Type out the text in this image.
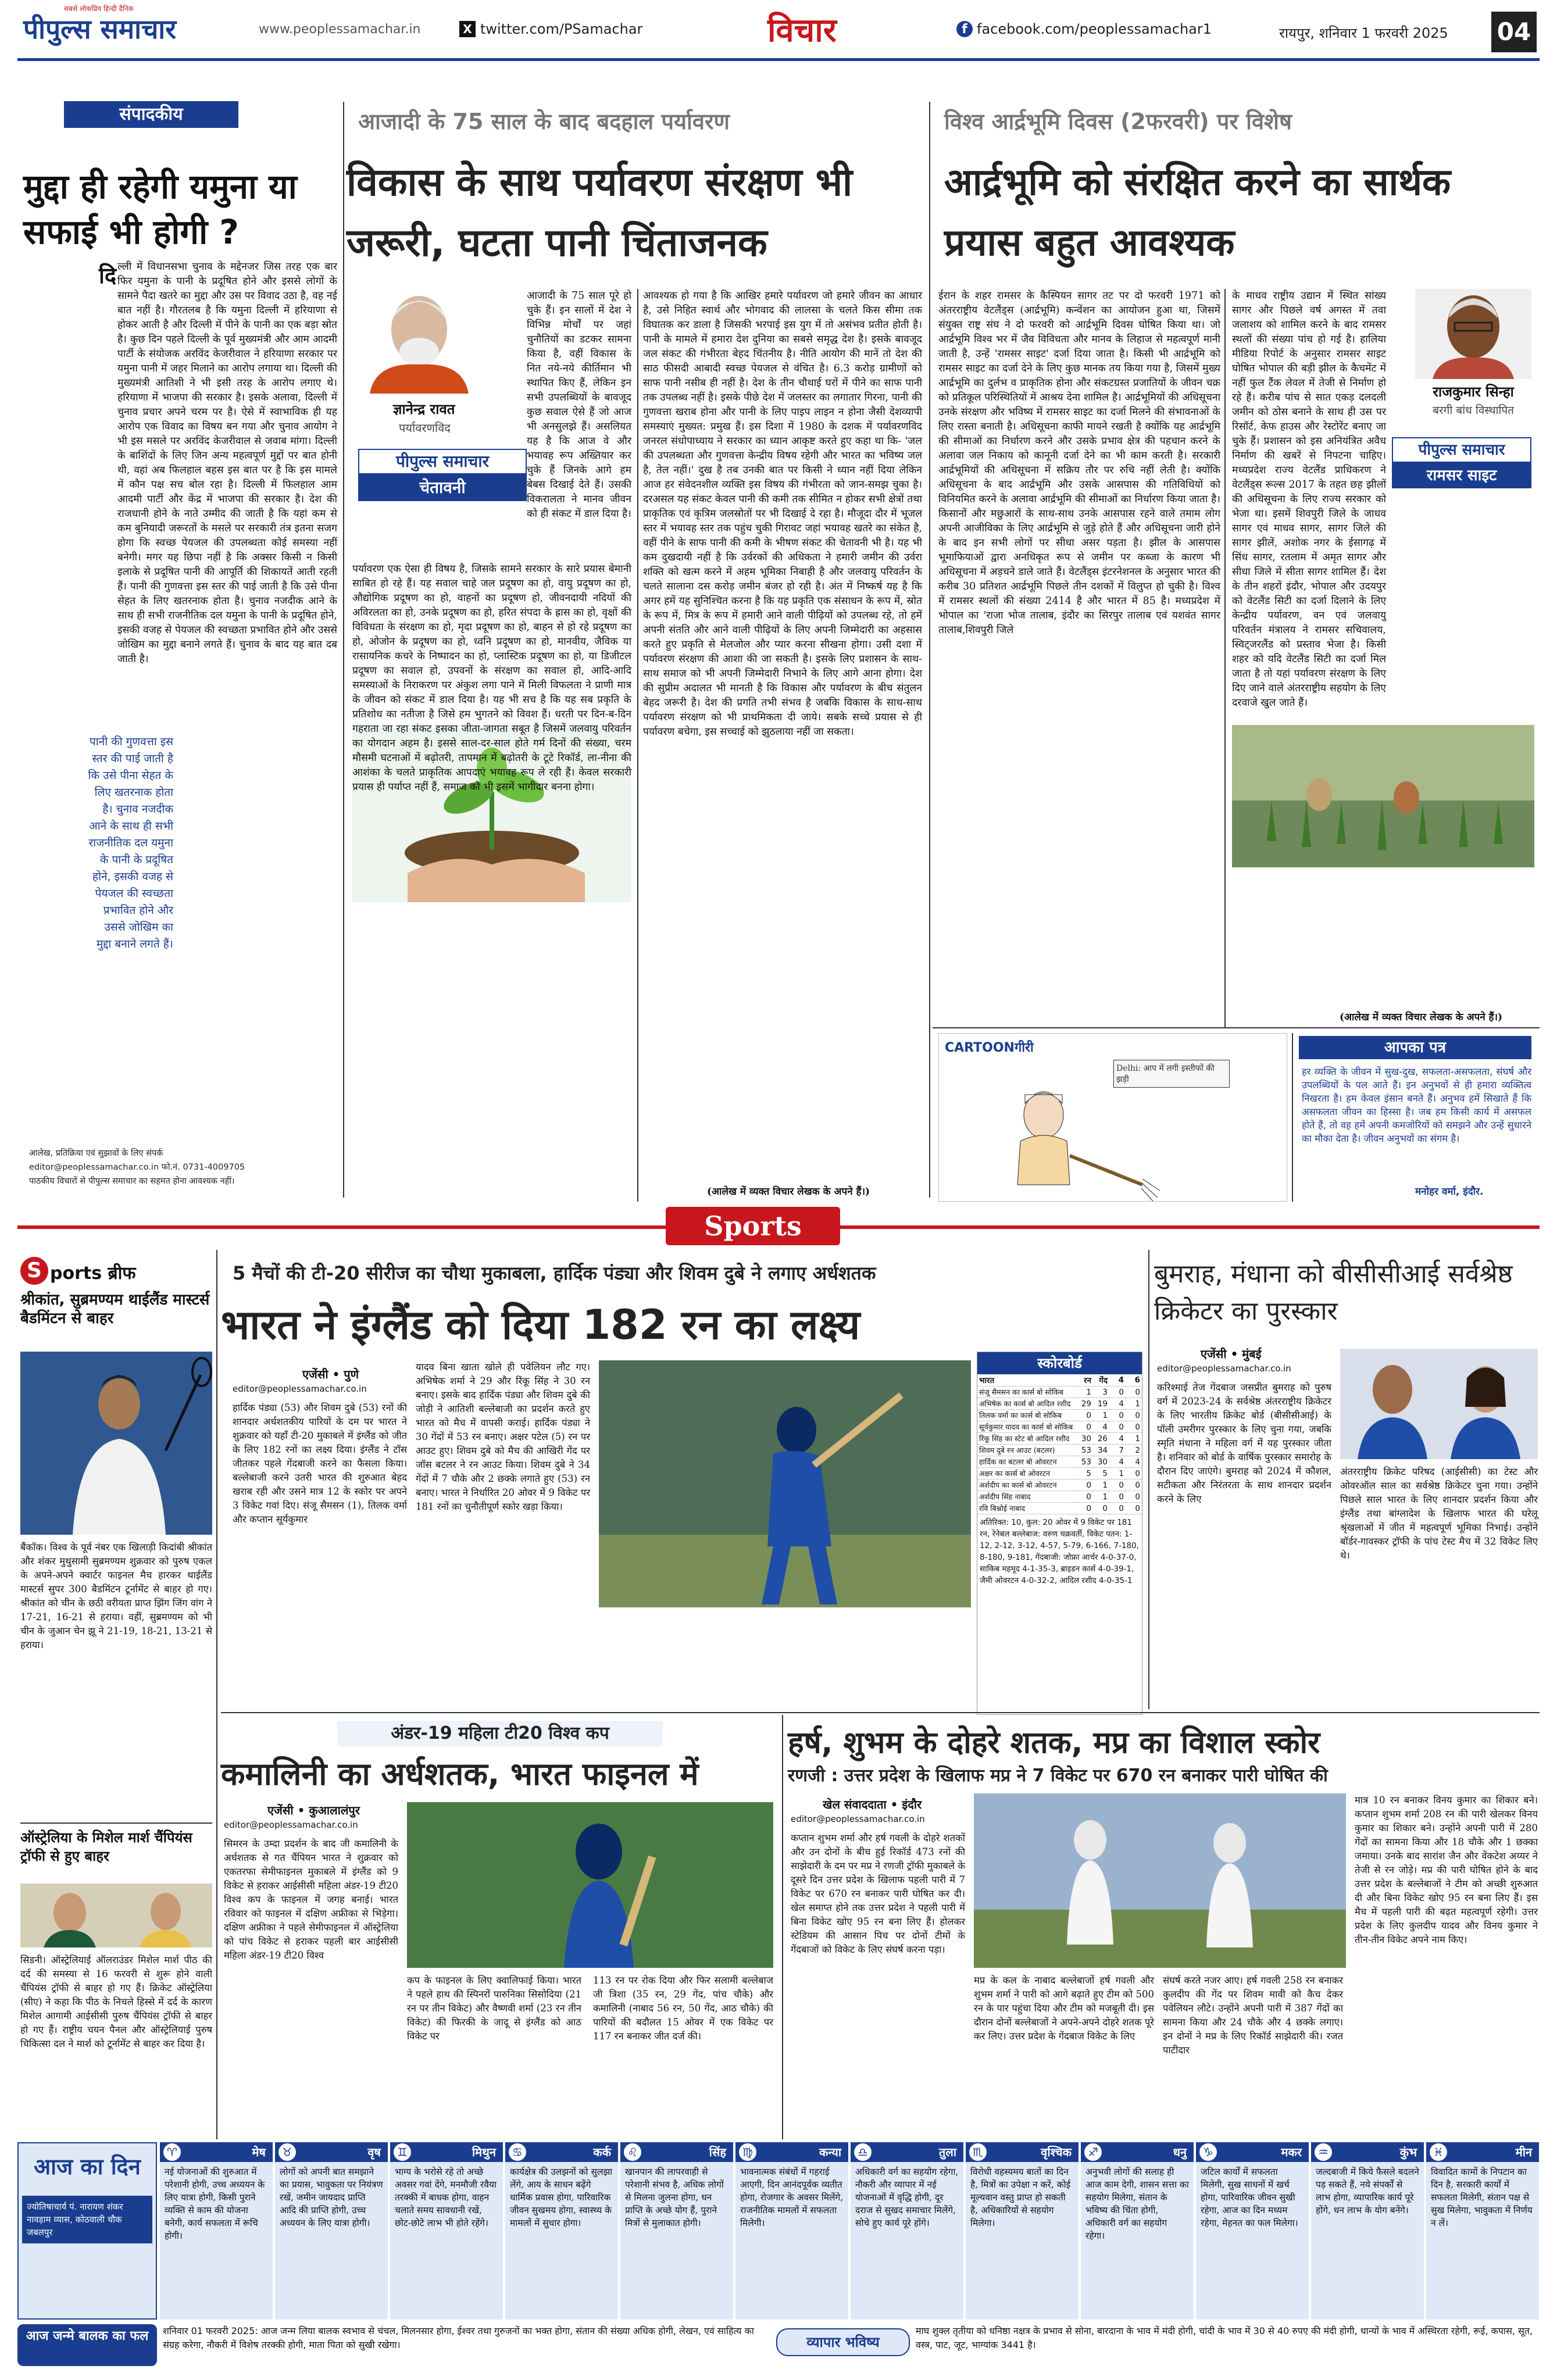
पीपुल्स समाचार
सबसे लोकप्रिय हिन्दी दैनिक
www.peoplessamachar.in	X twitter.com/PSamachar	विचार	f facebook.com/peoplessamachar1	रायपुर, शनिवार 1 फरवरी 2025 04
संपादकीय
मुद्दा ही रहेगी यमुना या सफाई भी होगी ?
दि ल्ली में विधानसभा चुनाव के मद्देनजर जिस तरह एक बार फिर यमुना के पानी के प्रदूषित होने और इससे लोगों के सामने पैदा खतरे का मुद्दा और उस पर विवाद उठा है, वह नई बात नहीं है। गौरतलब है कि यमुना दिल्ली में हरियाणा से होकर आती है और दिल्ली में पीने के पानी का एक बड़ा स्रोत है। कुछ दिन पहले दिल्ली के पूर्व मुख्यमंत्री और आम आदमी पार्टी के संयोजक अरविंद केजरीवाल ने हरियाणा सरकार पर यमुना पानी में जहर मिलाने का आरोप लगाया था। दिल्ली की मुख्यमंत्री आतिशी ने भी इसी तरह के आरोप लगाए थे। हरियाणा में भाजपा की सरकार है। इसके अलावा, दिल्ली में चुनाव प्रचार अपने चरम पर है। ऐसे में स्वाभाविक ही यह आरोप एक विवाद का विषय बन गया और चुनाव आयोग ने भी इस मसले पर अरविंद केजरीवाल से जवाब मांगा। दिल्ली के बाशिंदों के लिए जिन अन्य महत्वपूर्ण मुद्दों पर बात होनी थी, वहां अब फिलहाल बहस इस बात पर है कि इस मामले में कौन पक्ष सच बोल रहा है। दिल्ली में फिलहाल आम आदमी पार्टी और केंद्र में भाजपा की सरकार है। देश की राजधानी होने के नाते उम्मीद की जाती है कि यहां कम से कम बुनियादी जरूरतों के मसले पर सरकारी तंत्र इतना सजग होगा कि स्वच्छ पेयजल की उपलब्धता कोई समस्या नहीं बनेगी। मगर यह छिपा नहीं है कि अक्सर किसी न किसी इलाके से प्रदूषित पानी की आपूर्ति की शिकायतें आती रहती हैं। पानी की गुणवत्ता इस स्तर की पाई जाती है कि उसे पीना सेहत के लिए खतरनाक होता है। चुनाव नजदीक आने के साथ ही सभी राजनीतिक दल यमुना के पानी के प्रदूषित होने, इसकी वजह से पेयजल की स्वच्छता प्रभावित होने और उससे जोखिम का मुद्दा बनाने लगते हैं। चुनाव के बाद यह बात दब जाती है।
पानी की गुणवत्ता इस स्तर की पाई जाती है कि उसे पीना सेहत के लिए खतरनाक होता है। चुनाव नजदीक आने के साथ ही सभी राजनीतिक दल यमुना के पानी के प्रदूषित होने, इसकी वजह से पेयजल की स्वच्छता प्रभावित होने और उससे जोखिम का मुद्दा बनाने लगते हैं।
आलेख, प्रतिक्रिया एवं सुझावों के लिए संपर्क
editor@peoplessamachar.co.in फो.नं. 0731-4009705
पाठकीय विचारों से पीपुल्स समाचार का सहमत होना आवश्यक नहीं।
आजादी के 75 साल के बाद बदहाल पर्यावरण
विकास के साथ पर्यावरण संरक्षण भी जरूरी, घटता पानी चिंताजनक
ज्ञानेन्द्र रावत
पर्यावरणविद
पीपुल्स समाचार
चेतावनी
आजादी के 75 साल पूरे हो चुके हैं। इन सालों में देश ने विभिन्न मोर्चों पर जहां चुनौतियों का डटकर सामना किया है, वहीं विकास के नित नये-नये कीर्तिमान भी स्थापित किए हैं, लेकिन इन सभी उपलब्धियों के बावजूद कुछ सवाल ऐसे हैं जो आज भी अनसुलझे हैं। असलियत यह है कि आज वे और भयावह रूप अख्तियार कर चुके हैं जिनके आगे हम बेबस दिखाई देते हैं। उसकी विकरालता ने मानव जीवन को ही संकट में डाल दिया है।
पर्यावरण एक ऐसा ही विषय है, जिसके सामने सरकार के सारे प्रयास बेमानी साबित हो रहे हैं। यह सवाल चाहे जल प्रदूषण का हो, वायु प्रदूषण का हो, औद्योगिक प्रदूषण का हो, वाहनों का प्रदूषण हो, जीवनदायी नदियों की अविरलता का हो, उनके प्रदूषण का हो, हरित संपदा के ह्रास का हो, वृक्षों की विविधता के संरक्षण का हो, मृदा प्रदूषण का हो, बाहन से हो रहे प्रदूषण का हो, ओजोन के प्रदूषण का हो, ध्वनि प्रदूषण का हो, मानवीय, जैविक या रासायनिक कचरे के निष्पादन का हो, प्लास्टिक प्रदूषण का हो, या डिजीटल प्रदूषण का सवाल हो, उपवनों के संरक्षण का सवाल हो, आदि-आदि समस्याओं के निराकरण पर अंकुश लगा पाने में मिली विफलता ने प्राणी मात्र के जीवन को संकट में डाल दिया है। यह भी सच है कि यह सब प्रकृति के प्रतिशोध का नतीजा है जिसे हम भुगतने को विवश हैं। धरती पर दिन-ब-दिन गहराता जा रहा संकट इसका जीता-जागता सबूत है जिसमें जलवायु परिवर्तन का योगदान अहम है। इससे साल-दर-साल होते गर्म दिनों की संख्या, चरम मौसमी घटनाओं में बढ़ोतरी, तापमान में बढ़ोतरी के टूटे रिकॉर्ड, ला-नीना की आशंका के चलते प्राकृतिक आपदाएं भयावह रूप ले रही हैं। केवल सरकारी प्रयास ही पर्याप्त नहीं हैं, समाज को भी इसमें भागीदार बनना होगा।
आवश्यक हो गया है कि आखिर हमारे पर्यावरण जो हमारे जीवन का आधार है, उसे निहित स्वार्थ और भोगवाद की लालसा के चलते किस सीमा तक विघातक कर डाला है जिसकी भरपाई इस युग में तो असंभव प्रतीत होती है। पानी के मामले में हमारा देश दुनिया का सबसे समृद्ध देश है। इसके बावजूद जल संकट की गंभीरता बेहद चिंतनीय है। नीति आयोग की मानें तो देश की साठ फीसदी आबादी स्वच्छ पेयजल से वंचित है। 6.3 करोड़ ग्रामीणों को साफ पानी नसीब ही नहीं है। देश के तीन चौथाई घरों में पीने का साफ पानी तक उपलब्ध नहीं है। इसके पीछे देश में जलस्तर का लगातार गिरना, पानी की गुणवत्ता खराब होना और पानी के लिए पाइप लाइन न होना जैसी देशव्यापी समस्याएं मुख्यत: प्रमुख हैं। इस दिशा में 1980 के दशक में पर्यावरणविद जनरल संधोपाध्याय ने सरकार का ध्यान आकृष्ट करते हुए कहा था कि- 'जल की उपलब्धता और गुणवत्ता केन्द्रीय विषय रहेगी और भारत का भविष्य जल है, तेल नहीं।' दुख है तब उनकी बात पर किसी ने ध्यान नहीं दिया लेकिन आज हर संवेदनशील व्यक्ति इस विषय की गंभीरता को जान-समझ चुका है। दरअसल यह संकट केवल पानी की कमी तक सीमित न होकर सभी क्षेत्रों तथा प्राकृतिक एवं कृत्रिम जलस्रोतों पर भी दिखाई दे रहा है। मौजूदा दौर में भूजल स्तर में भयावह स्तर तक पहुंच चुकी गिरावट जहां भयावह खतरे का संकेत है, वहीं पीने के साफ पानी की कमी के भीषण संकट की चेतावनी भी है। यह भी कम दुखदायी नहीं है कि उर्वरकों की अधिकता ने हमारी जमीन की उर्वरा शक्ति को खत्म करने में अहम भूमिका निबाही है और जलवायु परिवर्तन के चलते सालाना दस करोड़ जमीन बंजर हो रही है। अंत में निष्कर्ष यह है कि अगर हमें यह सुनिश्चित करना है कि यह प्रकृति एक संसाधन के रूप में, स्रोत के रूप में, मित्र के रूप में हमारी आने वाली पीढ़ियों को उपलब्ध रहे, तो हमें अपनी संतति और आने वाली पीढ़ियों के लिए अपनी जिम्मेदारी का अहसास करते हुए प्रकृति से मेलजोल और प्यार करना सीखना होगा। उसी दशा में पर्यावरण संरक्षण की आशा की जा सकती है। इसके लिए प्रशासन के साथ-साथ समाज को भी अपनी जिम्मेदारी निभाने के लिए आगे आना होगा। देश की सुप्रीम अदालत भी मानती है कि विकास और पर्यावरण के बीच संतुलन बेहद जरूरी है। देश की प्रगति तभी संभव है जबकि विकास के साथ-साथ पर्यावरण संरक्षण को भी प्राथमिकता दी जाये। सबके सच्चे प्रयास से ही पर्यावरण बचेगा, इस सच्चाई को झुठलाया नहीं जा सकता।
(आलेख में व्यक्त विचार लेखक के अपने हैं।)
विश्व आर्द्रभूमि दिवस (2फरवरी) पर विशेष
आर्द्रभूमि को संरक्षित करने का सार्थक प्रयास बहुत आवश्यक
ईरान के शहर रामसर के कैस्पियन सागर तट पर दो फरवरी 1971 को अंतरराष्ट्रीय वेटलैंड्स (आर्द्रभूमि) कन्वेंशन का आयोजन हुआ था, जिसमें संयुक्त राष्ट्र संघ ने दो फरवरी को आर्द्रभूमि दिवस घोषित किया था। जो आर्द्रभूमि विश्व भर में जैव विविधता और मानव के लिहाज से महत्वपूर्ण मानी जाती है, उन्हें 'रामसर साइट' दर्जा दिया जाता है। किसी भी आर्द्रभूमि को रामसर साइट का दर्जा देने के लिए कुछ मानक तय किया गया है, जिसमें मुख्य आर्द्रभूमि का दुर्लभ व प्राकृतिक होना और संकटग्रस्त प्रजातियों के जीवन चक्र को प्रतिकूल परिस्थितियों में आश्रय देना शामिल है। आर्द्रभूमियों की अधिसूचना उनके संरक्षण और भविष्य में रामसर साइट का दर्जा मिलने की संभावनाओं के लिए रास्ता बनाती है। अधिसूचना काफी मायने रखती है क्योंकि यह आर्द्रभूमि की सीमाओं का निर्धारण करने और उसके प्रभाव क्षेत्र की पहचान करने के अलावा जल निकाय को कानूनी दर्जा देने का भी काम करती है। सरकारी आर्द्रभूमियों की अधिसूचना में सक्रिय तौर पर रुचि नहीं लेती है। क्योंकि अधिसूचना के बाद आर्द्रभूमि और उसके आसपास की गतिविधियों को विनियमित करने के अलावा आर्द्रभूमि की सीमाओं का निर्धारण किया जाता है। किसानों और मछुआरों के साथ-साथ उनके आसपास रहने वाले तमाम लोग अपनी आजीविका के लिए आर्द्रभूमि से जुड़े होते हैं और अधिसूचना जारी होने के बाद इन सभी लोगों पर सीधा असर पड़ता है। झील के आसपास भूमाफियाओं द्वारा अनधिकृत रूप से जमीन पर कब्जा के कारण भी अधिसूचना में अड़चने डाले जाते हैं। वेटलैंड्स इंटरनेशनल के अनुसार भारत की करीब 30 प्रतिशत आर्द्रभूमि पिछले तीन दशकों में विलुप्त हो चुकी है। विश्व में रामसर स्थलों की संख्या 2414 है और भारत में 85 है। मध्यप्रदेश में भोपाल का 'राजा भोज तालाब, इंदौर का सिरपुर तालाब एवं यशवंत सागर तालाब,शिवपुरी जिले
राजकुमार सिन्हा
बरगी बांध विस्थापित
पीपुल्स समाचार
रामसर साइट
के माधव राष्ट्रीय उद्यान में स्थित सांख्य सागर और पिछले वर्ष अगस्त में तवा जलाशय को शामिल करने के बाद रामसर स्थलों की संख्या पांच हो गई है। हालिया मीडिया रिपोर्ट के अनुसार रामसर साइट घोषित भोपाल की बड़ी झील के कैचमेंट में नहीं फुल टैंक लेवल में तेजी से निर्माण हो रहे हैं। करीब पांच से सात एकड़ दलदली जमीन को ठोस बनाने के साथ ही उस पर रिसॉर्ट, केफ हाउस और रेस्टोरेंट बनाए जा चुके हैं। प्रशासन को इस अनियंत्रित अवैध निर्माण की खबरें से निपटना चाहिए। मध्यप्रदेश राज्य वेटलैंड प्राधिकरण ने वेटलैंड्स रूल्स 2017 के तहत छह झीलों की अधिसूचना के लिए राज्य सरकार को भेजा था। इसमें शिवपुरी जिले के जाधव सागर एवं माधव सागर, सागर जिले की सागर झीलें, अशोक नगर के ईसागढ़ में सिंध सागर, रतलाम में अमृत सागर और सीधा जिले में सीता सागर शामिल हैं। देश के तीन शहरों इंदौर, भोपाल और उदयपुर को वेटलैंड सिटी का दर्जा दिलाने के लिए केन्द्रीय पर्यावरण, वन एवं जलवायु परिवर्तन मंत्रालय ने रामसर सचिवालय, स्विट्जरलैंड को प्रस्ताव भेजा है। किसी शहर को यदि वेटलैंड सिटी का दर्जा मिल जाता है तो यहां पर्यावरण संरक्षण के लिए दिए जाने वाले अंतरराष्ट्रीय सहयोग के लिए दरवाजे खुल जाते हैं।
(आलेख में व्यक्त विचार लेखक के अपने हैं।)
CARTOONगीरी
Delhi: आप में लगी इस्तीफों की झड़ी
आपका पत्र
हर व्यक्ति के जीवन में सुख-दुख, सफलता-असफलता, संघर्ष और उपलब्धियों के पल आते हैं। इन अनुभवों से ही हमारा व्यक्तित्व निखरता है। हम केवल इंसान बनते हैं। अनुभव हमें सिखाते हैं कि असफलता जीवन का हिस्सा है। जब हम किसी कार्य में असफल होते हैं, तो वह हमें अपनी कमजोरियों को समझने और उन्हें सुधारने का मौका देता है। जीवन अनुभवों का संगम है।
मनोहर वर्मा, इंदौर.
Sports
S ports ब्रीफ
श्रीकांत, सुब्रमण्यम थाईलैंड मास्टर्स बैडमिंटन से बाहर
बैंकॉक। विश्व के पूर्व नंबर एक खिलाड़ी किदांबी श्रीकांत और शंकर मुथुसामी सुब्रमण्यम शुक्रवार को पुरुष एकल के अपने-अपने क्वार्टर फाइनल मैच हारकर थाईलैंड मास्टर्स सुपर 300 बैडमिंटन टूर्नामेंट से बाहर हो गए। श्रीकांत को चीन के छठी वरीयता प्राप्त झिंग जिंग वांग ने 17-21, 16-21 से हराया। वहीं, सुब्रमण्यम को भी चीन के जुआन चेन झू ने 21-19, 18-21, 13-21 से हराया।
ऑस्ट्रेलिया के मिशेल मार्श चैंपियंस ट्रॉफी से हुए बाहर
सिडनी। ऑस्ट्रेलियाई ऑलराउंडर मिशेल मार्श पीठ की दर्द की समस्या से 16 फरवरी से शुरू होने वाली चैंपियंस ट्रॉफी से बाहर हो गए हैं। क्रिकेट ऑस्ट्रेलिया (सीए) ने कहा कि पीठ के निचले हिस्से में दर्द के कारण मिशेल आगामी आईसीसी पुरुष चैंपियंस ट्रॉफी से बाहर हो गए हैं। राष्ट्रीय चयन पैनल और ऑस्ट्रेलियाई पुरुष चिकित्सा दल ने मार्श को टूर्नामेंट से बाहर कर दिया है।
5 मैचों की टी-20 सीरीज का चौथा मुकाबला, हार्दिक पंड्या और शिवम दुबे ने लगाए अर्धशतक
भारत ने इंग्लैंड को दिया 182 रन का लक्ष्य
एजेंसी • पुणे
editor@peoplessamachar.co.in
हार्दिक पंड्या (53) और शिवम दुबे (53) रनों की शानदार अर्धशतकीय पारियों के दम पर भारत ने शुक्रवार को यहाँ टी-20 मुकाबले में इंग्लैंड को जीत के लिए 182 रनों का लक्ष्य दिया। इंग्लैंड ने टॉस जीतकर पहले गेंदबाजी करने का फैसला किया। बल्लेबाजी करने उतरी भारत की शुरुआत बेहद खराब रही और उसने मात्र 12 के स्कोर पर अपने 3 विकेट गवां दिए। संजू सैमसन (1), तिलक वर्मा और कप्तान सूर्यकुमार
यादव बिना खाता खोले ही पवेलियन लौट गए। अभिषेक शर्मा ने 29 और रिंकू सिंह ने 30 रन बनाए। इसके बाद हार्दिक पंड्या और शिवम दुबे की जोड़ी ने आतिशी बल्लेबाजी का प्रदर्शन करते हुए भारत को मैच में वापसी कराई। हार्दिक पंड्या ने 30 गेंदों में 53 रन बनाए। अक्षर पटेल (5) रन पर आउट हुए। शिवम दुबे को मैच की आखिरी गेंद पर जॉस बटलर ने रन आउट किया। शिवम दुबे ने 34 गेंदों में 7 चौके और 2 छक्के लगाते हुए (53) रन बनाए। भारत ने निर्धारित 20 ओवर में 9 विकेट पर 181 रनों का चुनौतीपूर्ण स्कोर खड़ा किया।
स्कोरबोर्ड
भारत	रन	गेंद	4	6
संजू सैमसन का कार्स बो सोकिब	1	3	0	0
अभिषेक का कार्स बो आदिल रशीद	29	19	4	1
तिलक वर्मा का कार्स बो सोकिब	0	1	0	0
सूर्यकुमार यादव का कार्स बो सोकिब	0	4	0	0
रिंकू सिंह का स्टेट बो आदिल रशीद	30	26	4	1
शिवम दुबे रन आउट (बटलर)	53	34	7	2
हार्दिक का बटलर बो ओवरटन	53	30	4	4
अक्षर का कार्स बो ओवरटन	5	5	1	0
अर्शदीप का कार्स बो ओवरटन	0	1	0	0
अर्शदीप सिंह नाबाद	0	1	0	0
रवि बिश्नोई नाबाद	0	0	0	0
अतिरिक्त: 10, कुल: 20 ओवर में 9 विकेट पर 181 रन, रेनेबल बल्लेबाज: वरुण चक्रवर्ती, विकेट पतन: 1-12, 2-12, 3-12, 4-57, 5-79, 6-166, 7-180, 8-180, 9-181, गेंदबाजी: जोफ्रा आर्चर 4-0-37-0, साकिब महमूद 4-1-35-3, ब्राइडन कार्स 4-0-39-1, जैमी ओवरटन 4-0-32-2, आदिल रशीद 4-0-35-1
बुमराह, मंधाना को बीसीसीआई सर्वश्रेष्ठ क्रिकेटर का पुरस्कार
एजेंसी • मुंबई
editor@peoplessamachar.co.in
करिश्माई तेज गेंदबाज जसप्रीत बुमराह को पुरुष वर्ग में 2023-24 के सर्वश्रेष्ठ अंतरराष्ट्रीय क्रिकेटर के लिए भारतीय क्रिकेट बोर्ड (बीसीसीआई) के पॉली उमरीगर पुरस्कार के लिए चुना गया, जबकि स्मृति मंधाना ने महिला वर्ग में यह पुरस्कार जीता है। शनिवार को बोर्ड के वार्षिक पुरस्कार समारोह के दौरान दिए जाएंगे। बुमराह को 2024 में कौशल, सटीकता और निरंतरता के साथ शानदार प्रदर्शन करने के लिए
अंतरराष्ट्रीय क्रिकेट परिषद (आईसीसी) का टेस्ट और ओवरऑल साल का सर्वश्रेष्ठ क्रिकेटर चुना गया। उन्होंने पिछले साल भारत के लिए शानदार प्रदर्शन किया और इंग्लैंड तथा बांग्लादेश के खिलाफ भारत की घरेलू श्रृंखलाओं में जीत में महत्वपूर्ण भूमिका निभाई। उन्होंने बॉर्डर-गावस्कर ट्रॉफी के पांच टेस्ट मैच में 32 विकेट लिए थे।
अंडर-19 महिला टी20 विश्व कप
कमालिनी का अर्धशतक, भारत फाइनल में
एजेंसी • कुआलालंपुर
editor@peoplessamachar.co.in
सिमरन के उम्दा प्रदर्शन के बाद जी कमालिनी के अर्धशतक से गत चैंपियन भारत ने शुक्रवार को एकतरफा सेमीफाइनल मुकाबले में इंग्लैंड को 9 विकेट से हराकर आईसीसी महिला अंडर-19 टी20 विश्व कप के फाइनल में जगह बनाई। भारत रविवार को फाइनल में दक्षिण अफ्रीका से भिड़ेगा। दक्षिण अफ्रीका ने पहले सेमीफाइनल में ऑस्ट्रेलिया को पांच विकेट से हराकर पहली बार आईसीसी महिला अंडर-19 टी20 विश्व
कप के फाइनल के लिए क्वालिफाई किया। भारत ने पहले हाथ की स्पिनरों पारुनिका सिसोदिया (21 रन पर तीन विकेट) और वैष्णवी शर्मा (23 रन तीन विकेट) की फिरकी के जादू से इंग्लैंड को आठ विकेट पर
113 रन पर रोक दिया और फिर सलामी बल्लेबाज जी त्रिशा (35 रन, 29 गेंद, पांच चौके) और कमालिनी (नाबाद 56 रन, 50 गेंद, आठ चौके) की पारियों की बदौलत 15 ओवर में एक विकेट पर 117 रन बनाकर जीत दर्ज की।
हर्ष, शुभम के दोहरे शतक, मप्र का विशाल स्कोर
रणजी : उत्तर प्रदेश के खिलाफ मप्र ने 7 विकेट पर 670 रन बनाकर पारी घोषित की
खेल संवाददाता • इंदौर
editor@peoplessamachar.co.in
कप्तान शुभम शर्मा और हर्ष गवली के दोहरे शतकों और उन दोनों के बीच हुई रिकॉर्ड 473 रनों की साझेदारी के दम पर मप्र ने रणजी ट्रॉफी मुकाबले के दूसरे दिन उत्तर प्रदेश के खिलाफ पहली पारी में 7 विकेट पर 670 रन बनाकर पारी घोषित कर दी। खेल समाप्त होने तक उत्तर प्रदेश ने पहली पारी में बिना विकेट खोए 95 रन बना लिए हैं। होलकर स्टेडियम की आसान पिच पर दोनों टीमों के गेंदबाजों को विकेट के लिए संघर्ष करना पड़ा।
मप्र के कल के नाबाद बल्लेबाजों हर्ष गवली और शुभम शर्मा ने पारी को आगे बढ़ाते हुए टीम को 500 रन के पार पहुंचा दिया और टीम को मजबूती दी। इस दौरान दोनों बल्लेबाजों ने अपने-अपने दोहरे शतक पूरे कर लिए। उत्तर प्रदेश के गेंदबाज विकेट के लिए
संघर्ष करते नजर आए। हर्ष गवली 258 रन बनाकर कुलदीप की गेंद पर शिवम मावी को कैच देकर पवेलियन लौटे। उन्होंने अपनी पारी में 387 गेंदों का सामना किया और 24 चौके और 4 छक्के लगाए। इन दोनों ने मप्र के लिए रिकॉर्ड साझेदारी की। रजत पाटीदार
मात्र 10 रन बनाकर विनय कुमार का शिकार बने। कप्तान शुभम शर्मा 208 रन की पारी खेलकर विनय कुमार का शिकार बने। उन्होंने अपनी पारी में 280 गेंदों का सामना किया और 18 चौके और 1 छक्का जमाया। उनके बाद सारांश जैन और वेंकटेश अय्यर ने तेजी से रन जोड़े। मप्र की पारी घोषित होने के बाद उत्तर प्रदेश के बल्लेबाजों ने टीम को अच्छी शुरुआत दी और बिना विकेट खोए 95 रन बना लिए हैं। इस मैच में पहली पारी की बढ़त महत्वपूर्ण रहेगी। उत्तर प्रदेश के लिए कुलदीप यादव और विनय कुमार ने तीन-तीन विकेट अपने नाम किए।
आज का दिन
ज्योतिषाचार्य पं. नारायण शंकर नावड़ाम व्यास, कोठवाली चौक जबलपुर
♈	मेष
नई योजनाओं की शुरुआत में परेशानी होगी, उच्च अध्ययन के लिए यात्रा होगी, किसी पुराने व्यक्ति से काम की योजना बनेगी, कार्य सफलता में रूचि होगी।
♉	वृष
लोगों को अपनी बात समझाने का प्रयास, भावुकता पर नियंत्रण रखें, जमीन जायदाद प्राप्ति आदि की प्राप्ति होगी, उच्च अध्ययन के लिए यात्रा होगी।
♊	मिथुन
भाग्य के भरोसे रहे तो अच्छे अवसर गवां देंगे, मनमौजी रवैया तरक्की में बाधक होगा, वाहन चलाते समय सावधानी रखें, छोट-छोटे लाभ भी होते रहेंगे।
♋	कर्क
कार्यक्षेत्र की उलझनों को सुलझा लेंगे, आय के साधन बढ़ेंगे धार्मिक प्रवास होगा, पारिवारिक जीवन सुखमय होगा, स्वास्थ्य के मामलों में सुधार होगा।
♌	सिंह
खानपान की लापरवाही से परेशानी संभव है, अधिक लोगों से मिलना जुलना होगा, धन प्राप्ति के अच्छे योग हैं, पुराने मित्रों से मुलाकात होगी।
♍	कन्या
भावनात्मक संबंधों में गहराई आएगी, दिन आनंदपूर्वक व्यतीत होगा, रोजगार के अवसर मिलेंगे, राजनीतिक मामलों में सफलता मिलेगी।
♎	तुला
अधिकारी वर्ग का सहयोग रहेगा, नौकरी और व्यापार में नई योजनाओं में वृद्धि होगी, दूर दराज से सुखद समाचार मिलेंगे, सोचे हुए कार्य पूरे होंगे।
♏	वृश्चिक
विरोधी वहस्यमय बातों का दिन है, मित्रों का उपेक्षा न करें, कोई मूल्यवान वस्तु प्राप्त हो सकती है, अधिकारियों से सहयोग मिलेगा।
♐	धनु
अनुभवी लोगों की सलाह ही आज काम देगी, शासन सत्ता का सहयोग मिलेगा, संतान के भविष्य की चिंता होगी, अधिकारी वर्ग का सहयोग रहेगा।
♑	मकर
जटिल कार्यों में सफलता मिलेगी, सुख साधनों में खर्च होगा, पारिवारिक जीवन सुखी रहेगा, आज का दिन मध्यम रहेगा, मेहनत का फल मिलेगा।
♒	कुंभ
जल्दबाजी में किये फैसले बदलने पड़ सकते हैं, नये संपर्कों से लाभ होगा, व्यापारिक कार्य पूरे होंगे, धन लाभ के योग बनेंगे।
♓	मीन
विवादित कामों के निपटान का दिन है, सरकारी कार्यों में सफलता मिलेगी, संतान पक्ष से सुख मिलेगा, भावुकता में निर्णय न लें।
आज जन्मे बालक का फल	शनिवार 01 फरवरी 2025: आज जन्म लिया बालक स्वभाव से चंचल, मिलनसार होगा, ईश्वर तथा गुरुजनों का भक्त होगा, संतान की संख्या अधिक होगी, लेखन, एवं साहित्य का संग्रह करेगा, नौकरी में विशेष तरक्की होगी, माता पिता को सुखी रखेगा।	व्यापार भविष्य
माघ शुक्ल तृतीया को धनिष्ठा नक्षत्र के प्रभाव से सोना, बारदाना के भाव में मंदी होगी, चांदी के भाव में 30 से 40 रुपए की मंदी होगी, धान्यों के भाव में अस्थिरता रहेगी, रूई, कपास, सूत, वस्त्र, पाट, जूट, भाग्यांक 3441 है।
